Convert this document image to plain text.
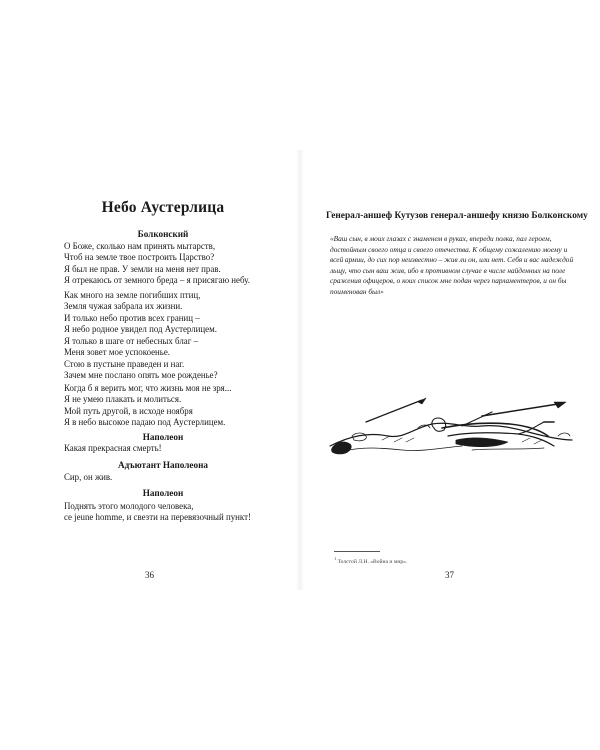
Небо Аустерлица
Болконский
О Боже, сколько нам принять мытарств,
Чтоб на земле твое построить Царство?
Я был не прав. У земли на меня нет прав.
Я отрекаюсь от земного бреда – я присягаю небу.
Как много на земле погибших птиц,
Земля чужая забрала их жизни.
И только небо против всех границ –
Я небо родное увидел под Аустерлицем.
Я только в шаге от небесных благ –
Меня зовет мое успокоенье.
Стою в пустыне праведен и наг.
Зачем мне послано опять мое рожденье?
Когда б я верить мог, что жизнь моя не зря...
Я не умею плакать и молиться.
Мой путь другой, в исходе ноября
Я в небо высокое падаю под Аустерлицем.
Наполеон
Какая прекрасная смерть!
Адъютант Наполеона
Сир, он жив.
Наполеон
Поднять этого молодого человека,
ce jeune homme, и свезти на перевязочный пункт!
36
Генерал-аншеф Кутузов генерал-аншефу князю Болконскому
«Ваш сын, в моих глазах с знаменем в руках, впереди полка, пал героем,
достойным своего отца и своего отечества. К общему сожалению моему и
всей армии, до сих пор неизвестно – жив ли он, или нет. Себя и вас надеждой
льщу, что сын ваш жив, ибо в противном случае в числе найденных на поле
сражения офицеров, о коих список мне подан через парламентеров, и он бы
поименован был»
$^1$ Толстой Л.Н. «Война и мир».
37
